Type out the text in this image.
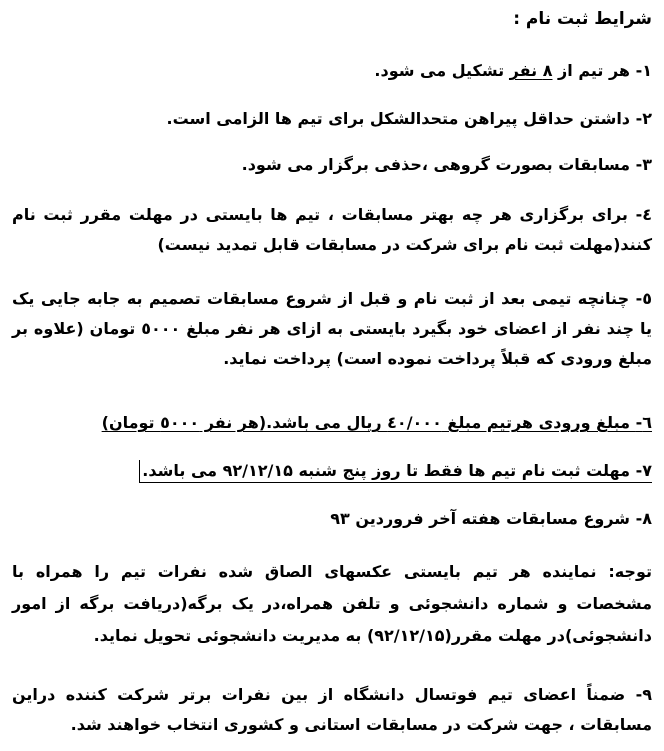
شرایط ثبت نام :
۱- هر تیم از ۸ نفر تشکیل می شود.
۲- داشتن حداقل پیراهن متحدالشکل برای تیم ها الزامی است.
۳- مسابقات بصورت گروهی ،حذفی برگزار می شود.
٤- برای برگزاری هر چه بهتر مسابقات ، تیم ها بایستی در مهلت مقرر ثبت نام کنند(مهلت ثبت نام برای شرکت در مسابقات قابل تمدید نیست)
٥- چنانچه تیمی بعد از ثبت نام و قبل از شروع مسابقات تصمیم به جابه جایی یک یا چند نفر از اعضای خود بگیرد بایستی به ازای هر نفر مبلغ ٥٠٠٠ تومان (علاوه بر مبلغ ورودی که قبلاً پرداخت نموده است) پرداخت نماید.
٦- مبلغ ورودی هرتیم مبلغ ٤٠/٠٠٠ ریال می باشد.(هر نفر ٥٠٠٠ تومان)
٧- مهلت ثبت نام تیم ها فقط تا روز پنج شنبه ۹۲/۱۲/۱۵ می باشد.
۸- شروع مسابقات هفته آخر فروردین ۹۳
توجه: نماینده هر تیم بایستی عکسهای الصاق شده نفرات تیم را همراه با مشخصات و شماره دانشجوئی و تلفن همراه،در یک برگه(دریافت برگه از امور دانشجوئی)در مهلت مقرر(۹۲/۱۲/۱۵) به مدیریت دانشجوئی تحویل نماید.
۹- ضمناً اعضای تیم فوتسال دانشگاه از بین نفرات برتر شرکت کننده دراین مسابقات ، جهت شرکت در مسابقات استانی و کشوری انتخاب خواهند شد.
